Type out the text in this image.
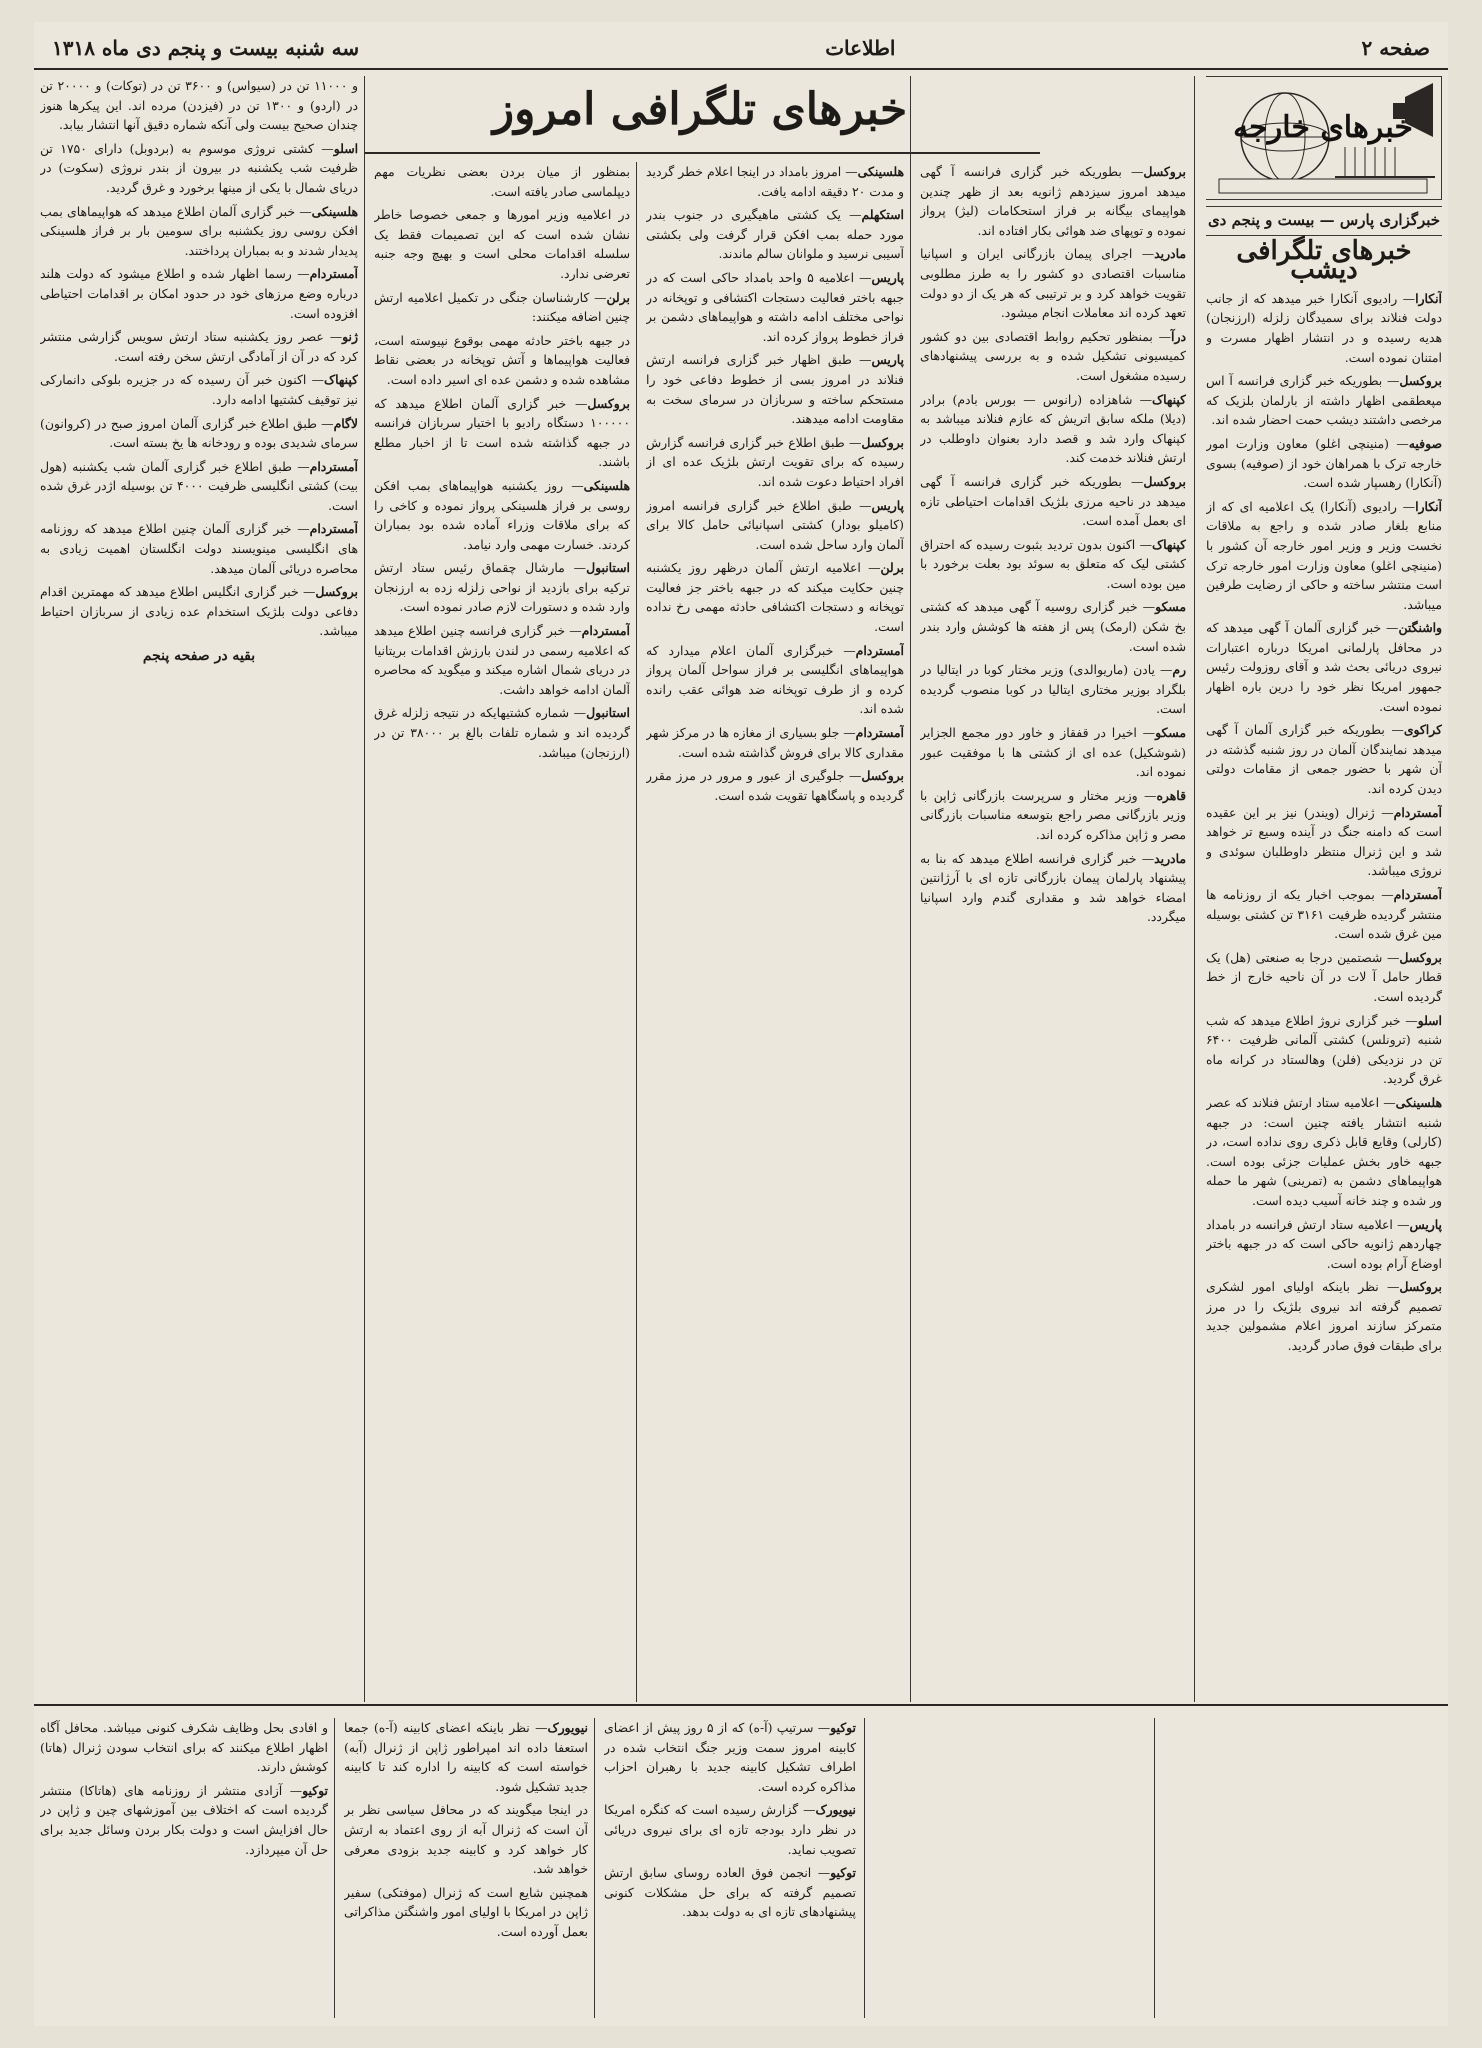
صفحه ۲
اطلاعات
سه شنبه بیست و پنجم دی ماه ۱۳۱۸
خبرهای تلگرافی امروز	خبرهای خارجه
خبرگزاری پارس — بیست و پنجم دی
خبرهای تلگرافی دیشب

آنکارا— رادیوی آنکارا خبر میدهد که از جانب دولت فنلاند برای سمیدگان زلزله (ارزنجان) هدیه رسیده و در انتشار اظهار مسرت و امتنان نموده است.

بروکسل— بطوریکه خبر گزاری فرانسه آ اس مپعطقمی اظهار داشته از بارلمان بلزیک که مرخصی داشتند دیشب حمت احضار شده اند.

صوفیه— (منینچی اغلو) معاون وزارت امور خارجه ترک با همراهان خود از (صوفیه) بسوی (آنکارا) رهسپار شده است.

آنکارا— رادیوی (آنکارا) یک اعلامیه ای که از منابع بلغار صادر شده و راجع به ملاقات نخست وزیر و وزیر امور خارجه آن کشور با (منینچی اغلو) معاون وزارت امور خارجه ترک است منتشر ساخته و حاکی از رضایت طرفین میباشد.

واشنگتن— خبر گزاری آلمان آ گهی میدهد که در محافل پارلمانی امریکا درباره اعتبارات نیروی دریائی بحث شد و آقای روزولت رئیس جمهور امریکا نظر خود را درین باره اظهار نموده است.

کراکوی— بطوریکه خبر گزاری آلمان آ گهی میدهد نمایندگان آلمان در روز شنبه گذشته در آن شهر با حضور جمعی از مقامات دولتی دیدن کرده اند.

آمستردام— ژنرال (ویندر) نیز بر این عقیده است که دامنه جنگ در آینده وسیع تر خواهد شد و این ژنرال منتظر داوطلبان سوئدی و نروژی میباشد.

آمستردام— بموجب اخبار یکه از روزنامه ها منتشر گردیده ظرفیت ۳۱۶۱ تن کشتی بوسیله مین غرق شده است.

بروکسل— شصتمین درجا به صنعتی (هل) یک قطار حامل آ لات در آن ناحیه خارج از خط گردیده است.

اسلو— خبر گزاری نروژ اطلاع میدهد که شب شنبه (ترونلس) کشتی آلمانی ظرفیت ۶۴۰۰ تن در نزدیکی (فلن) وهالستاد در کرانه ماه غرق گردید.

هلسینکی— اعلامیه ستاد ارتش فنلاند که عصر شنبه انتشار یافته چنین است: در جبهه (کارلی) وقایع قابل ذکری روی نداده است، در جبهه خاور بخش عملیات جزئی بوده است. هواپیماهای دشمن به (تمرینی) شهر ما حمله ور شده و چند خانه آسیب دیده است.

پاریس— اعلامیه ستاد ارتش فرانسه در بامداد چهاردهم ژانویه حاکی است که در جبهه باختر اوضاع آرام بوده است.

بروکسل— نظر باینکه اولیای امور لشکری تصمیم گرفته اند نیروی بلژیک را در مرز متمرکز سازند امروز اعلام مشمولین جدید برای طبقات فوق صادر گردید.

بروکسل— بطوریکه خبر گزاری فرانسه آ گهی میدهد امروز سیزدهم ژانویه بعد از ظهر چندین هواپیمای بیگانه بر فراز استحکامات (لیژ) پرواز نموده و توپهای ضد هوائی بکار افتاده اند.

مادرید— اجرای پیمان بازرگانی ایران و اسپانیا مناسبات اقتصادی دو کشور را به طرز مطلوبی تقویت خواهد کرد و بر ترتیبی که هر یک از دو دولت تعهد کرده اند معاملات انجام میشود.

درآ— بمنظور تحکیم روابط اقتصادی بین دو کشور کمیسیونی تشکیل شده و به بررسی پیشنهادهای رسیده مشغول است.

کپنهاک— شاهزاده (رانوس — بورس بادم) برادر (دیلا) ملکه سابق اتریش که عازم فنلاند میباشد به کپنهاک وارد شد و قصد دارد بعنوان داوطلب در ارتش فنلاند خدمت کند.

بروکسل— بطوریکه خبر گزاری فرانسه آ گهی میدهد در ناحیه مرزی بلژیک اقدامات احتیاطی تازه ای بعمل آمده است.

کپنهاک— اکنون بدون تردید بثبوت رسیده که احتراق کشتی لیک که متعلق به سوئد بود بعلت برخورد با مین بوده است.

مسکو— خبر گزاری روسیه آ گهی میدهد که کشتی بخ شکن (ارمک) پس از هفته ها کوشش وارد بندر شده است.

رم— یادن (ماریوالدی) وزیر مختار کوبا در ایتالیا در بلگراد بوزیر مختاری ایتالیا در کوبا منصوب گردیده است.

مسکو— اخیرا در قفقاز و خاور دور مجمع الجزایر (شوشکیل) عده ای از کشتی ها با موفقیت عبور نموده اند.

قاهره— وزیر مختار و سرپرست بازرگانی ژاپن با وزیر بازرگانی مصر راجع بتوسعه مناسبات بازرگانی مصر و ژاپن مذاکره کرده اند.

مادرید— خبر گزاری فرانسه اطلاع میدهد که بنا به پیشنهاد پارلمان پیمان بازرگانی تازه ای با آرژانتین امضاء خواهد شد و مقداری گندم وارد اسپانیا میگردد.

هلسینکی— امروز بامداد در اینجا اعلام خطر گردید و مدت ۲۰ دقیقه ادامه یافت.

استکهلم— یک کشتی ماهیگیری در جنوب بندر مورد حمله بمب افکن قرار گرفت ولی بکشتی آسیبی نرسید و ملوانان سالم ماندند.

پاریس— اعلامیه ۵ واحد بامداد حاکی است که در جبهه باختر فعالیت دستجات اکتشافی و توپخانه در نواحی مختلف ادامه داشته و هواپیماهای دشمن بر فراز خطوط پرواز کرده اند.

پاریس— طبق اظهار خبر گزاری فرانسه ارتش فنلاند در امروز بسی از خطوط دفاعی خود را مستحکم ساخته و سربازان در سرمای سخت به مقاومت ادامه میدهند.

بروکسل— طبق اطلاع خبر گزاری فرانسه گزارش رسیده که برای تقویت ارتش بلژیک عده ای از افراد احتیاط دعوت شده اند.

پاریس— طبق اطلاع خبر گزاری فرانسه امروز (کامیلو بودار) کشتی اسپانیائی حامل کالا برای آلمان وارد ساحل شده است.

برلن— اعلامیه ارتش آلمان درظهر روز یکشنبه چنین حکایت میکند که در جبهه باختر جز فعالیت توپخانه و دستجات اکتشافی حادثه مهمی رخ نداده است.

آمستردام— خبرگزاری آلمان اعلام میدارد که هواپیماهای انگلیسی بر فراز سواحل آلمان پرواز کرده و از طرف توپخانه ضد هوائی عقب رانده شده اند.

آمستردام— جلو بسیاری از مغازه ها در مرکز شهر مقداری کالا برای فروش گذاشته شده است.

بروکسل— جلوگیری از عبور و مرور در مرز مقرر گردیده و پاسگاهها تقویت شده است.

بمنظور از میان بردن بعضی نظریات مهم دیپلماسی صادر یافته است.

در اعلامیه وزیر امورها و جمعی خصوصا خاطر نشان شده است که این تصمیمات فقط یک سلسله اقدامات محلی است و بهیچ وجه جنبه تعرضی ندارد.

برلن— کارشناسان جنگی در تکمیل اعلامیه ارتش چنین اضافه میکنند:

در جبهه باختر حادثه مهمی بوقوع نپیوسته است، فعالیت هواپیماها و آتش توپخانه در بعضی نقاط مشاهده شده و دشمن عده ای اسیر داده است.

بروکسل— خبر گزاری آلمان اطلاع میدهد که ۱۰۰۰۰۰ دستگاه رادیو با اختیار سربازان فرانسه در جبهه گذاشته شده است تا از اخبار مطلع باشند.

هلسینکی— روز یکشنبه هواپیماهای بمب افکن روسی بر فراز هلسینکی پرواز نموده و کاخی را که برای ملاقات وزراء آماده شده بود بمباران کردند. خسارت مهمی وارد نیامد.

استانبول— مارشال چقماق رئیس ستاد ارتش ترکیه برای بازدید از نواحی زلزله زده به ارزنجان وارد شده و دستورات لازم صادر نموده است.

آمستردام— خبر گزاری فرانسه چنین اطلاع میدهد که اعلامیه رسمی در لندن بارزش اقدامات بریتانیا در دریای شمال اشاره میکند و میگوید که محاصره آلمان ادامه خواهد داشت.

استانبول— شماره کشتیهایکه در نتیجه زلزله غرق گردیده اند و شماره تلفات بالغ بر ۳۸۰۰۰ تن در (ارزنجان) میباشد.

و ۱۱۰۰۰ تن در (سیواس) و ۳۶۰۰ تن در (توکات) و ۲۰۰۰۰ تن در (اردو) و ۱۳۰۰ تن در (فیزدن) مرده اند. این پیکرها هنوز چندان صحیح بیست ولی آنکه شماره دقیق آنها انتشار بیابد.

اسلو— کشتی نروژی موسوم به (بردوبل) دارای ۱۷۵۰ تن ظرفیت شب یکشنبه در بیرون از بندر نروژی (سکوت) در دریای شمال با یکی از مینها برخورد و غرق گردید.

هلسینکی— خبر گزاری آلمان اطلاع میدهد که هواپیماهای بمب افکن روسی روز یکشنبه برای سومین بار بر فراز هلسینکی پدیدار شدند و به بمباران پرداختند.

آمستردام— رسما اظهار شده و اطلاع میشود که دولت هلند درباره وضع مرزهای خود در حدود امکان بر اقدامات احتیاطی افزوده است.

ژنو— عصر روز یکشنبه ستاد ارتش سویس گزارشی منتشر کرد که در آن از آمادگی ارتش سخن رفته است.

کپنهاک— اکنون خبر آن رسیده که در جزیره بلوکی دانمارکی نیز توقیف کشتیها ادامه دارد.

لاگام— طبق اطلاع خبر گزاری آلمان امروز صبح در (کروانون) سرمای شدیدی بوده و رودخانه ها یخ بسته است.

آمستردام— طبق اطلاع خبر گزاری آلمان شب یکشنبه (هول بیت) کشتی انگلیسی ظرفیت ۴۰۰۰ تن بوسیله اژدر غرق شده است.

آمستردام— خبر گزاری آلمان چنین اطلاع میدهد که روزنامه های انگلیسی مینویسند دولت انگلستان اهمیت زیادی به محاصره دریائی آلمان میدهد.

بروکسل— خبر گزاری انگلیس اطلاع میدهد که مهمترین اقدام دفاعی دولت بلژیک استخدام عده زیادی از سربازان احتیاط میباشد.

بقیه در صفحه پنجم

توکیو— سرتیپ (آ-ه) که از ۵ روز پیش از اعضای کابینه امروز سمت وزیر جنگ انتخاب شده در اطراف تشکیل کابینه جدید با رهبران احزاب مذاکره کرده است.

نیویورک— گزارش رسیده است که کنگره امریکا در نظر دارد بودجه تازه ای برای نیروی دریائی تصویب نماید.

توکیو— انجمن فوق العاده روسای سابق ارتش تصمیم گرفته که برای حل مشکلات کنونی پیشنهادهای تازه ای به دولت بدهد.

نیویورک— نظر باینکه اعضای کابینه (آ-ه) جمعا استعفا داده اند امپراطور ژاپن از ژنرال (آبه) خواسته است که کابینه را اداره کند تا کابینه جدید تشکیل شود.

در اینجا میگویند که در محافل سیاسی نظر بر آن است که ژنرال آبه از روی اعتماد به ارتش کار خواهد کرد و کابینه جدید بزودی معرفی خواهد شد.

همچنین شایع است که ژنرال (موفتکی) سفیر ژاپن در امریکا با اولیای امور واشنگتن مذاکراتی بعمل آورده است.

و افادی بحل وظایف شکرف کنونی میباشد. محافل آگاه اظهار اطلاع میکنند که برای انتخاب سودن ژنرال (هاتا) کوشش دارند.

توکیو— آزادی منتشر از روزنامه های (هاتاکا) منتشر گردیده است که اختلاف بین آموزشهای چین و ژاپن در حال افزایش است و دولت بکار بردن وسائل جدید برای حل آن میپردازد.
